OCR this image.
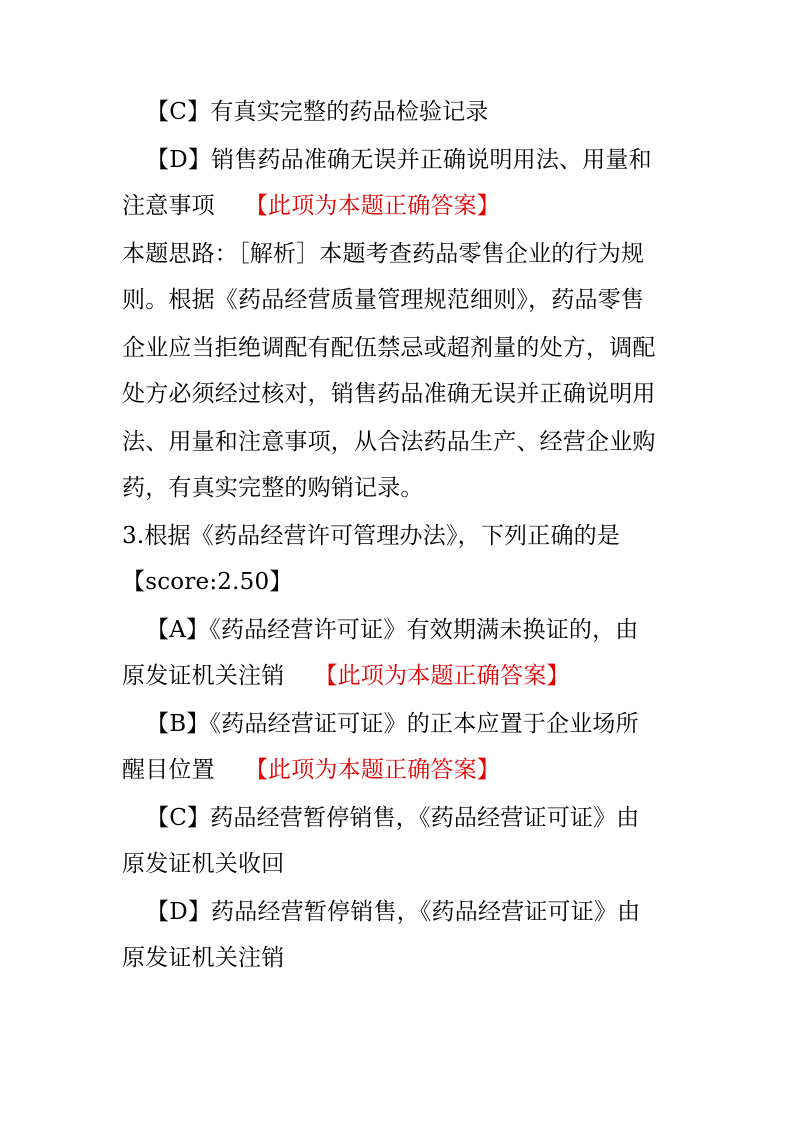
【C】有真实完整的药品检验记录
【D】销售药品准确无误并正确说明用法、用量和
注意事项 【此项为本题正确答案】
本题思路：［解析］本题考查药品零售企业的行为规
则。根据《药品经营质量管理规范细则》，药品零售
企业应当拒绝调配有配伍禁忌或超剂量的处方，调配
处方必须经过核对，销售药品准确无误并正确说明用
法、用量和注意事项，从合法药品生产、经营企业购
药，有真实完整的购销记录。
3.根据《药品经营许可管理办法》，下列正确的是
【score:2.50】
【A】《药品经营许可证》有效期满未换证的，由
原发证机关注销 【此项为本题正确答案】
【B】《药品经营证可证》的正本应置于企业场所
醒目位置 【此项为本题正确答案】
【C】药品经营暂停销售，《药品经营证可证》由
原发证机关收回
【D】药品经营暂停销售，《药品经营证可证》由
原发证机关注销
